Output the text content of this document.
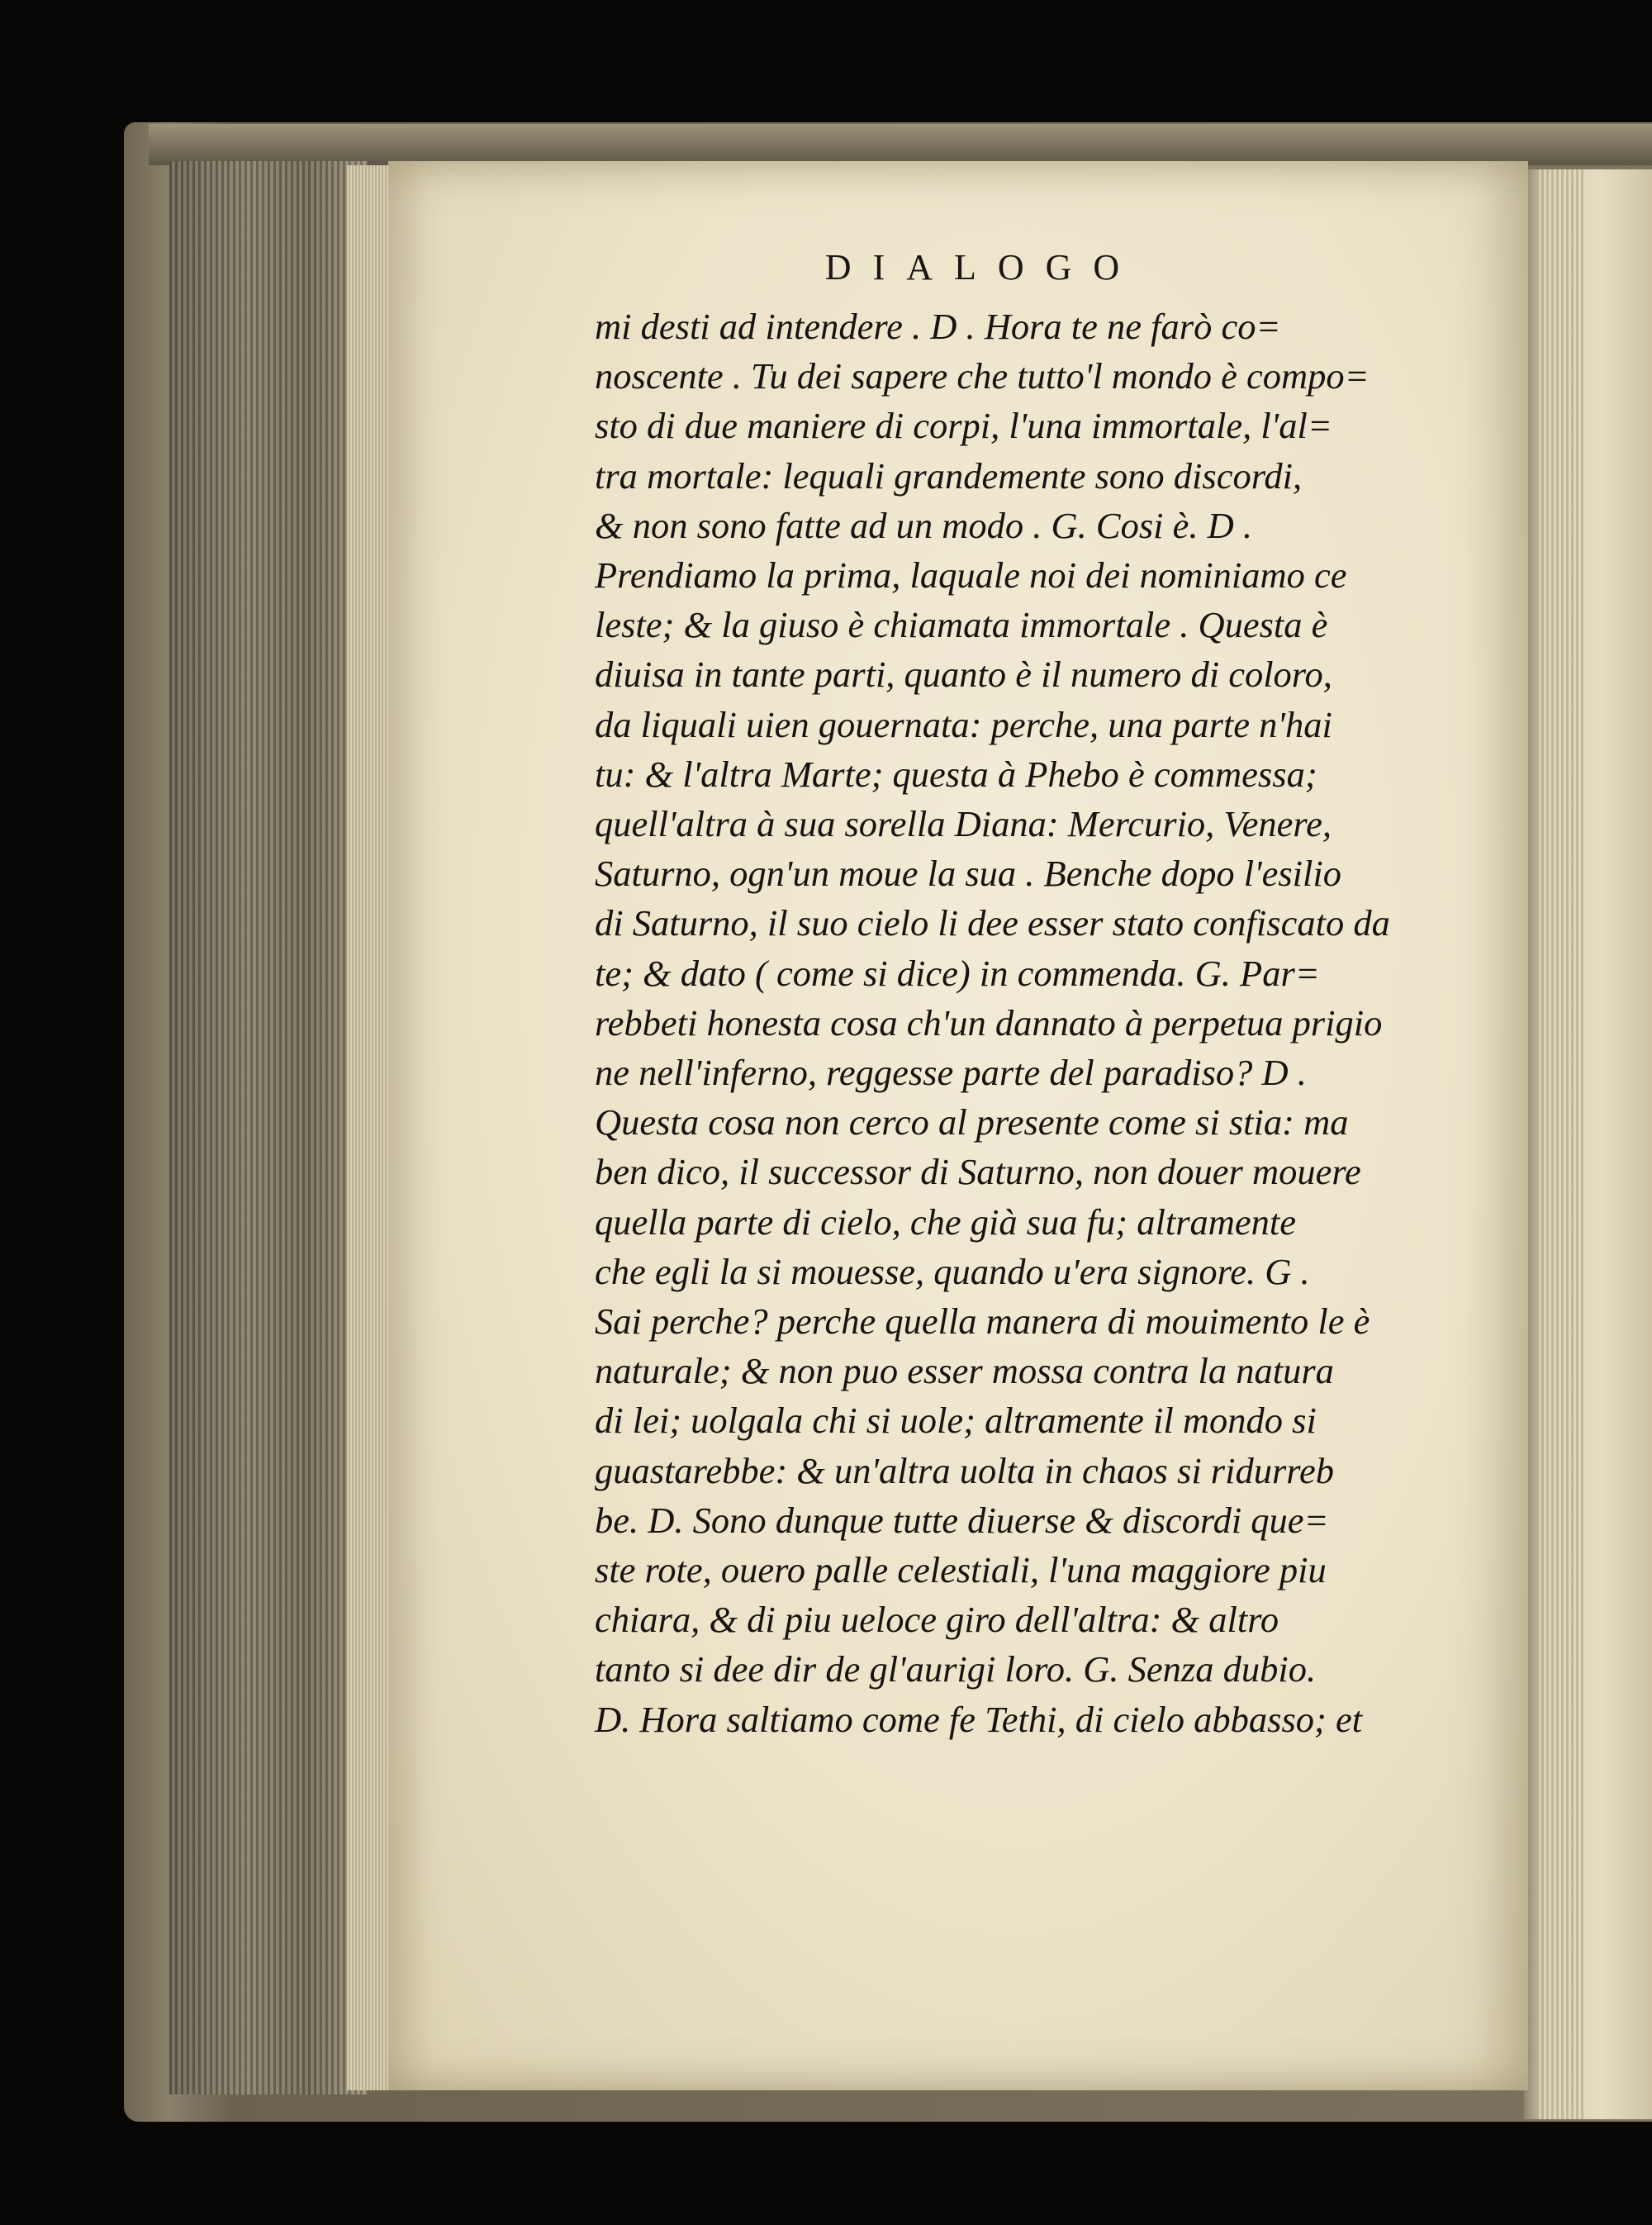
DIALOGO
mi desti ad intendere . D . Hora te ne farò co=
noscente . Tu dei sapere che tutto'l mondo è compo=
sto di due maniere di corpi, l'una immortale, l'al=
tra mortale: lequali grandemente sono discordi,
& non sono fatte ad un modo . G. Cosi è. D .
Prendiamo la prima, laquale noi dei nominiamo ce
leste; & la giuso è chiamata immortale . Questa è
diuisa in tante parti, quanto è il numero di coloro,
da liquali uien gouernata: perche, una parte n'hai
tu: & l'altra Marte; questa à Phebo è commessa;
quell'altra à sua sorella Diana: Mercurio, Venere,
Saturno, ogn'un moue la sua . Benche dopo l'esilio
di Saturno, il suo cielo li dee esser stato confiscato da
te; & dato ( come si dice) in commenda. G. Par=
rebbeti honesta cosa ch'un dannato à perpetua prigio
ne nell'inferno, reggesse parte del paradiso? D .
Questa cosa non cerco al presente come si stia: ma
ben dico, il successor di Saturno, non douer mouere
quella parte di cielo, che già sua fu; altramente
che egli la si mouesse, quando u'era signore. G .
Sai perche? perche quella manera di mouimento le è
naturale; & non puo esser mossa contra la natura
di lei; uolgala chi si uole; altramente il mondo si
guastarebbe: & un'altra uolta in chaos si ridurreb
be. D. Sono dunque tutte diuerse & discordi que=
ste rote, ouero palle celestiali, l'una maggiore piu
chiara, & di piu ueloce giro dell'altra: & altro
tanto si dee dir de gl'aurigi loro. G. Senza dubio.
D. Hora saltiamo come fe Tethi, di cielo abbasso; et
